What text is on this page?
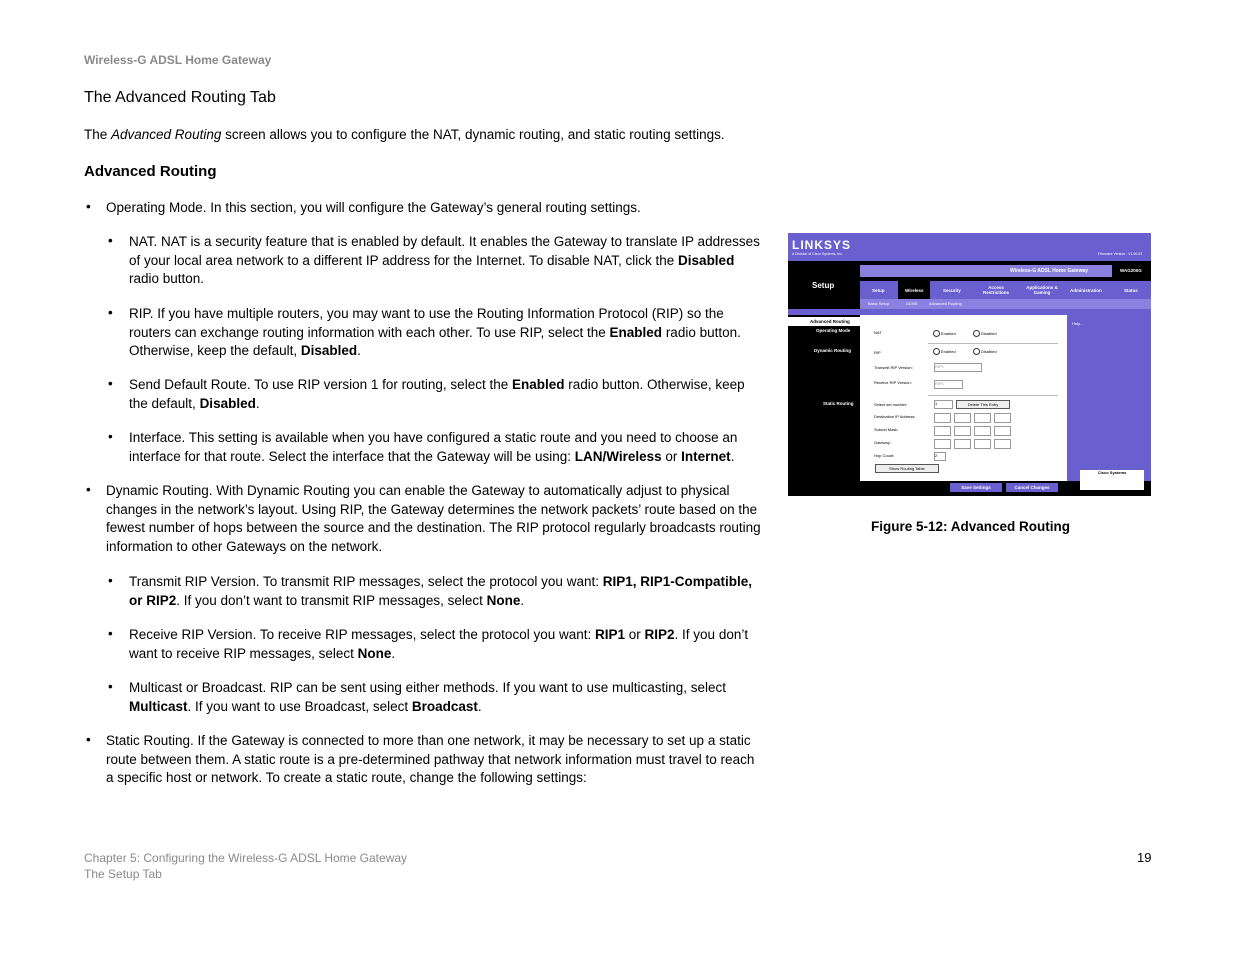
Wireless-G ADSL Home Gateway
The Advanced Routing Tab
The Advanced Routing screen allows you to configure the NAT, dynamic routing, and static routing settings.
Advanced Routing
• Operating Mode. In this section, you will configure the Gateway’s general routing settings.
• NAT. NAT is a security feature that is enabled by default. It enables the Gateway to translate IP addresses of your local area network to a different IP address for the Internet. To disable NAT, click the Disabled radio button.
• RIP. If you have multiple routers, you may want to use the Routing Information Protocol (RIP) so the routers can exchange routing information with each other. To use RIP, select the Enabled radio button. Otherwise, keep the default, Disabled.
• Send Default Route. To use RIP version 1 for routing, select the Enabled radio button. Otherwise, keep the default, Disabled.
• Interface. This setting is available when you have configured a static route and you need to choose an interface for that route. Select the interface that the Gateway will be using: LAN/Wireless or Internet.
• Dynamic Routing. With Dynamic Routing you can enable the Gateway to automatically adjust to physical changes in the network’s layout. Using RIP, the Gateway determines the network packets’ route based on the fewest number of hops between the source and the destination. The RIP protocol regularly broadcasts routing information to other Gateways on the network.
• Transmit RIP Version. To transmit RIP messages, select the protocol you want: RIP1, RIP1-Compatible, or RIP2. If you don’t want to transmit RIP messages, select None.
• Receive RIP Version. To receive RIP messages, select the protocol you want: RIP1 or RIP2. If you don’t want to receive RIP messages, select None.
• Multicast or Broadcast. RIP can be sent using either methods. If you want to use multicasting, select Multicast. If you want to use Broadcast, select Broadcast.
• Static Routing. If the Gateway is connected to more than one network, it may be necessary to set up a static route between them. A static route is a pre-determined pathway that network information must travel to reach a specific host or network. To create a static route, change the following settings:
LINKSYS
A Division of Cisco Systems, Inc.	Firmware Version : V1.00.03
Setup
Wireless-G ADSL Home Gateway	WAG200G
Setup	Wireless	Security
Access Restrictions
Applications & Gaming	Administration	Status
Basic Setup	DDNS	Advanced Routing
Advanced Routing
Operating Mode
Dynamic Routing
Static Routing
NAT	Enabled	Disabled
RIP	Enabled	Disabled
Transmit RIP Version:	RIP1
Receive RIP Version:	RIP1
Select set number:	1	Delete This Entry
Destination IP Address:
Subnet Mask:
Gateway:
Hop Count:	2
Show Routing Table
Help...
Save Settings	Cancel Changes
Cisco Systems
Figure 5-12: Advanced Routing
Chapter 5: Configuring the Wireless-G ADSL Home Gateway
The Setup Tab
19
